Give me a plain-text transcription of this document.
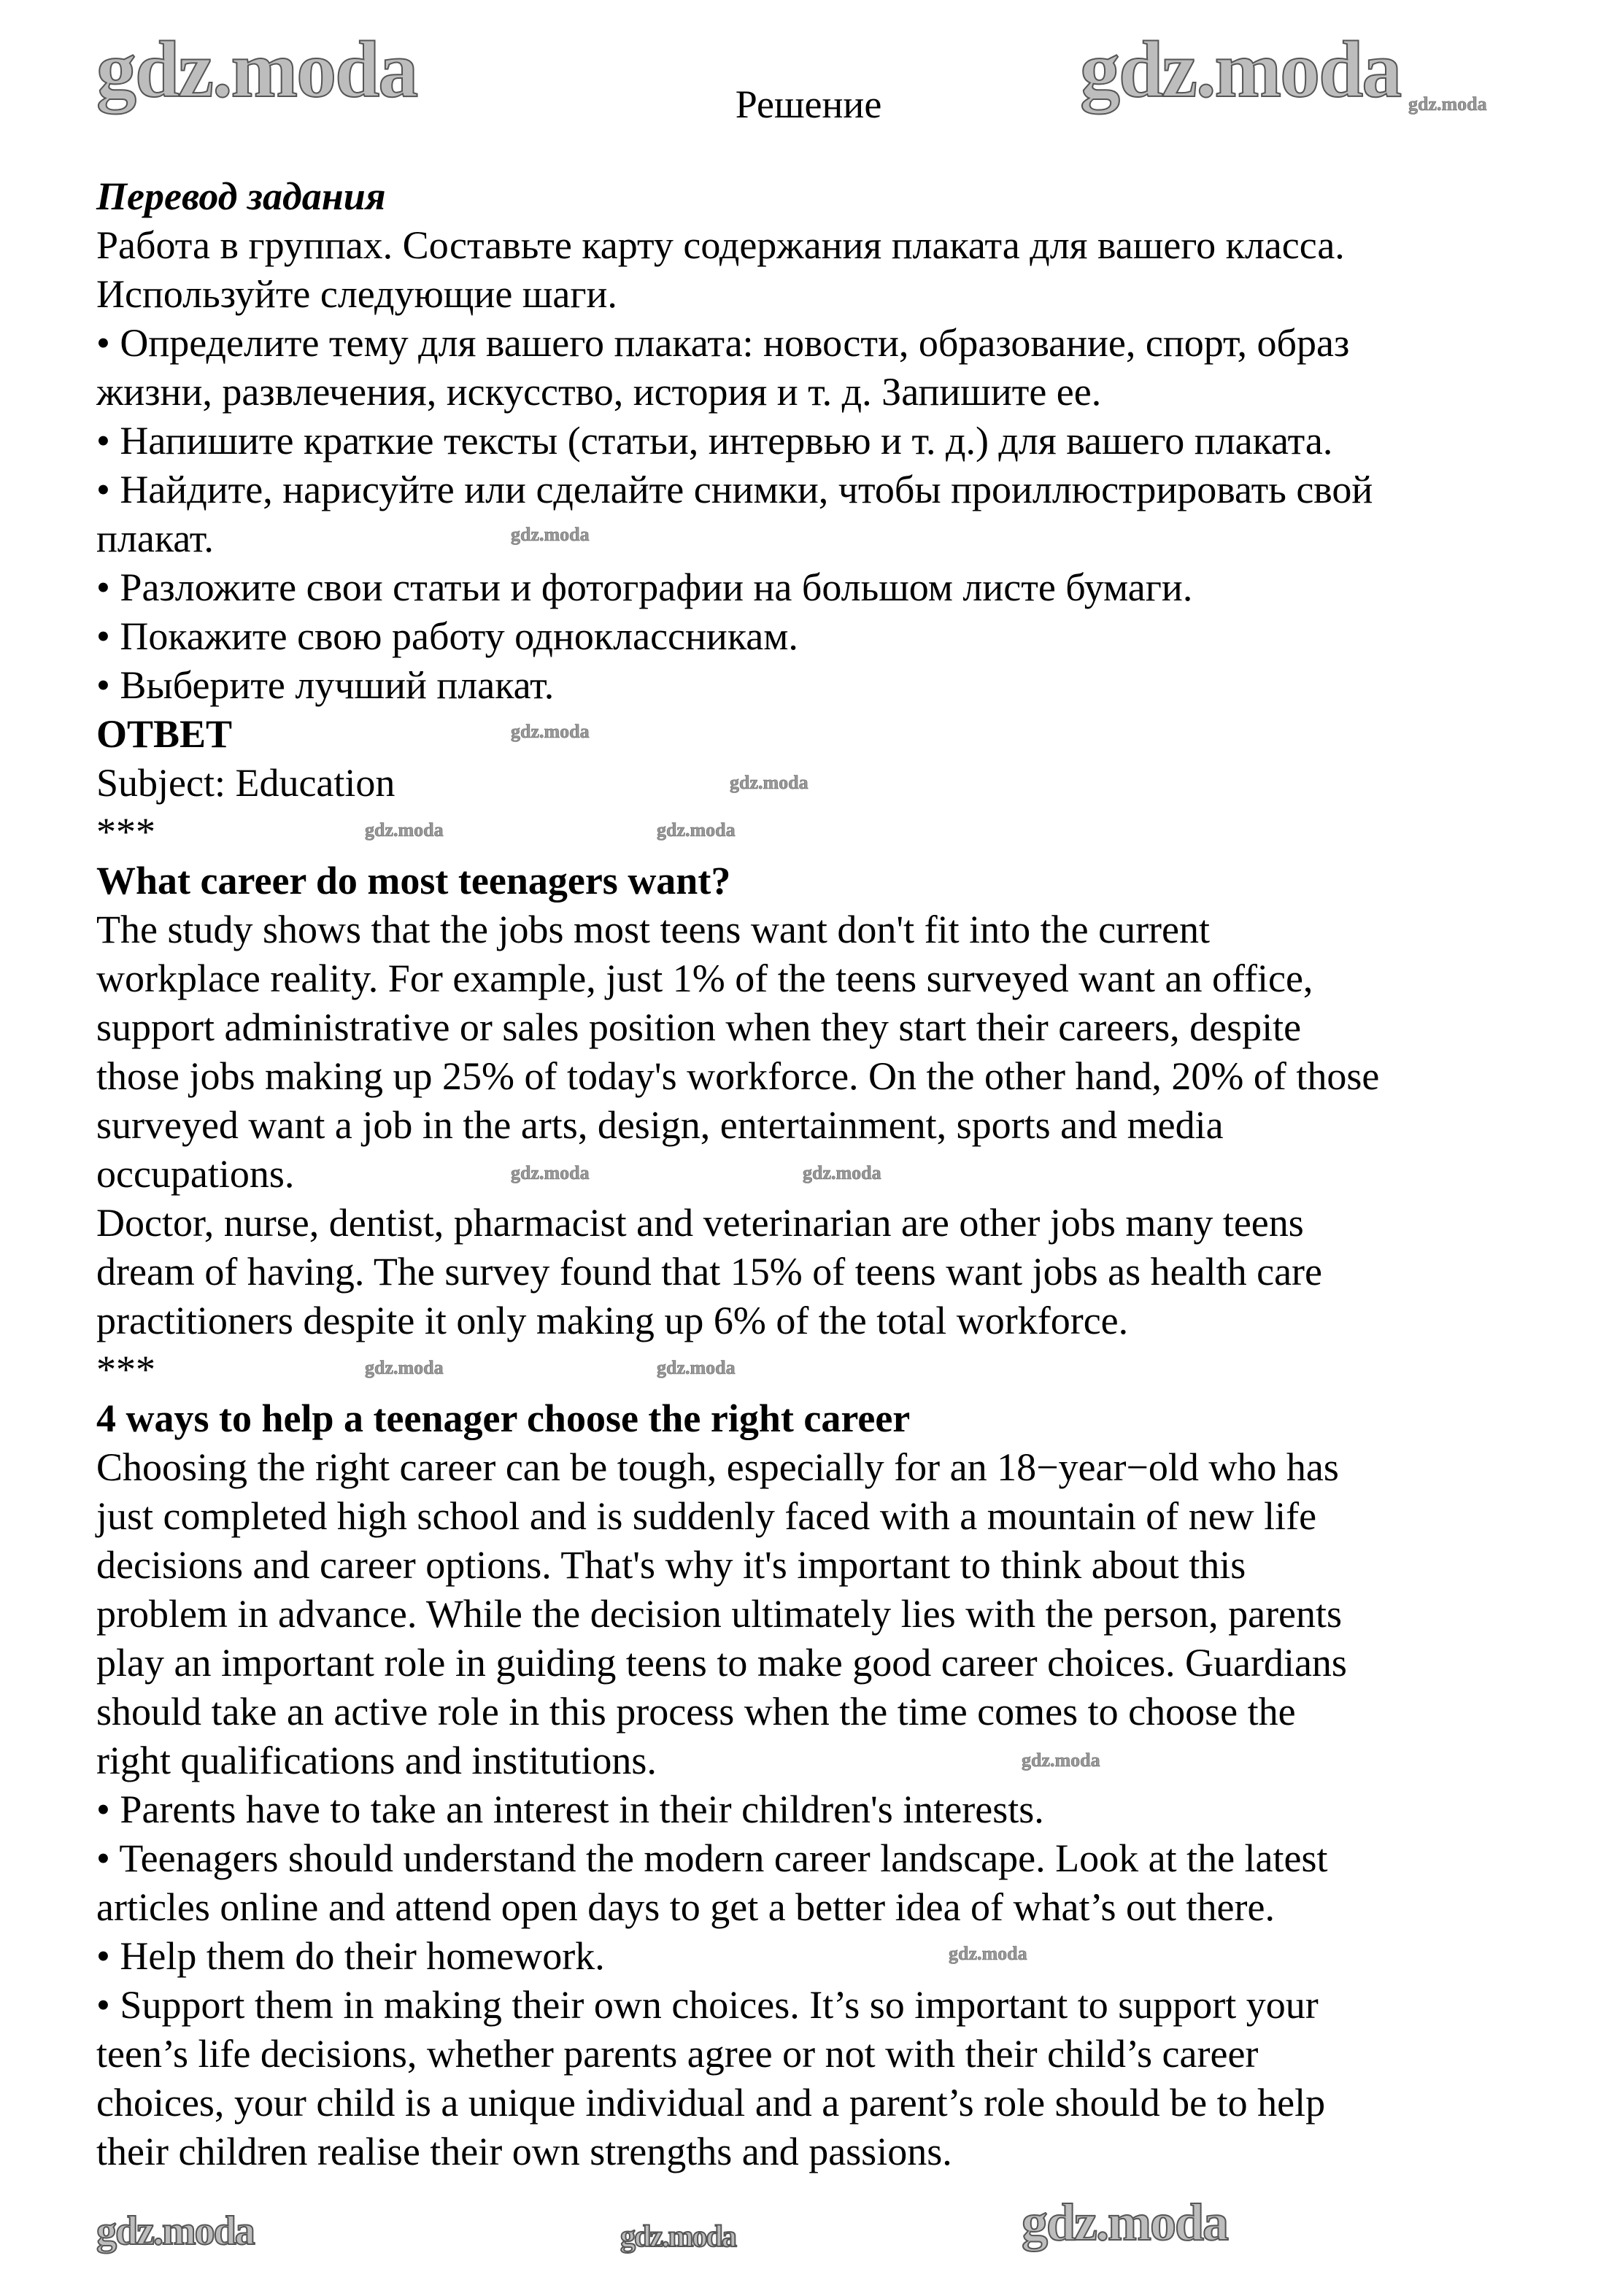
Решение
Перевод задания
Работа в группах. Составьте карту содержания плаката для вашего класса.
Используйте следующие шаги.
• Определите тему для вашего плаката: новости, образование, спорт, образ
жизни, развлечения, искусство, история и т. д. Запишите ее.
• Напишите краткие тексты (статьи, интервью и т. д.) для вашего плаката.
• Найдите, нарисуйте или сделайте снимки, чтобы проиллюстрировать свой
плакат.
• Разложите свои статьи и фотографии на большом листе бумаги.
• Покажите свою работу одноклассникам.
• Выберите лучший плакат.
ОТВЕТ
Subject: Education
***
What career do most teenagers want?
The study shows that the jobs most teens want don't fit into the current
workplace reality. For example, just 1% of the teens surveyed want an office,
support administrative or sales position when they start their careers, despite
those jobs making up 25% of today's workforce. On the other hand, 20% of those
surveyed want a job in the arts, design, entertainment, sports and media
occupations.
Doctor, nurse, dentist, pharmacist and veterinarian are other jobs many teens
dream of having. The survey found that 15% of teens want jobs as health care
practitioners despite it only making up 6% of the total workforce.
***
4 ways to help a teenager choose the right career
Choosing the right career can be tough, especially for an 18−year−old who has
just completed high school and is suddenly faced with a mountain of new life
decisions and career options. That's why it's important to think about this
problem in advance. While the decision ultimately lies with the person, parents
play an important role in guiding teens to make good career choices. Guardians
should take an active role in this process when the time comes to choose the
right qualifications and institutions.
• Parents have to take an interest in their children's interests.
• Teenagers should understand the modern career landscape. Look at the latest
articles online and attend open days to get a better idea of what’s out there.
• Help them do their homework.
• Support them in making their own choices. It’s so important to support your
teen’s life decisions, whether parents agree or not with their child’s career
choices, your child is a unique individual and a parent’s role should be to help
their children realise their own strengths and passions.
gdz.moda	gdz.moda
gdz.moda
gdz.moda	gdz.moda
gdz.moda
gdz.moda
gdz.moda
gdz.moda
gdz.moda	gdz.moda
gdz.moda	gdz.moda
gdz.moda	gdz.moda
gdz.moda
gdz.moda
